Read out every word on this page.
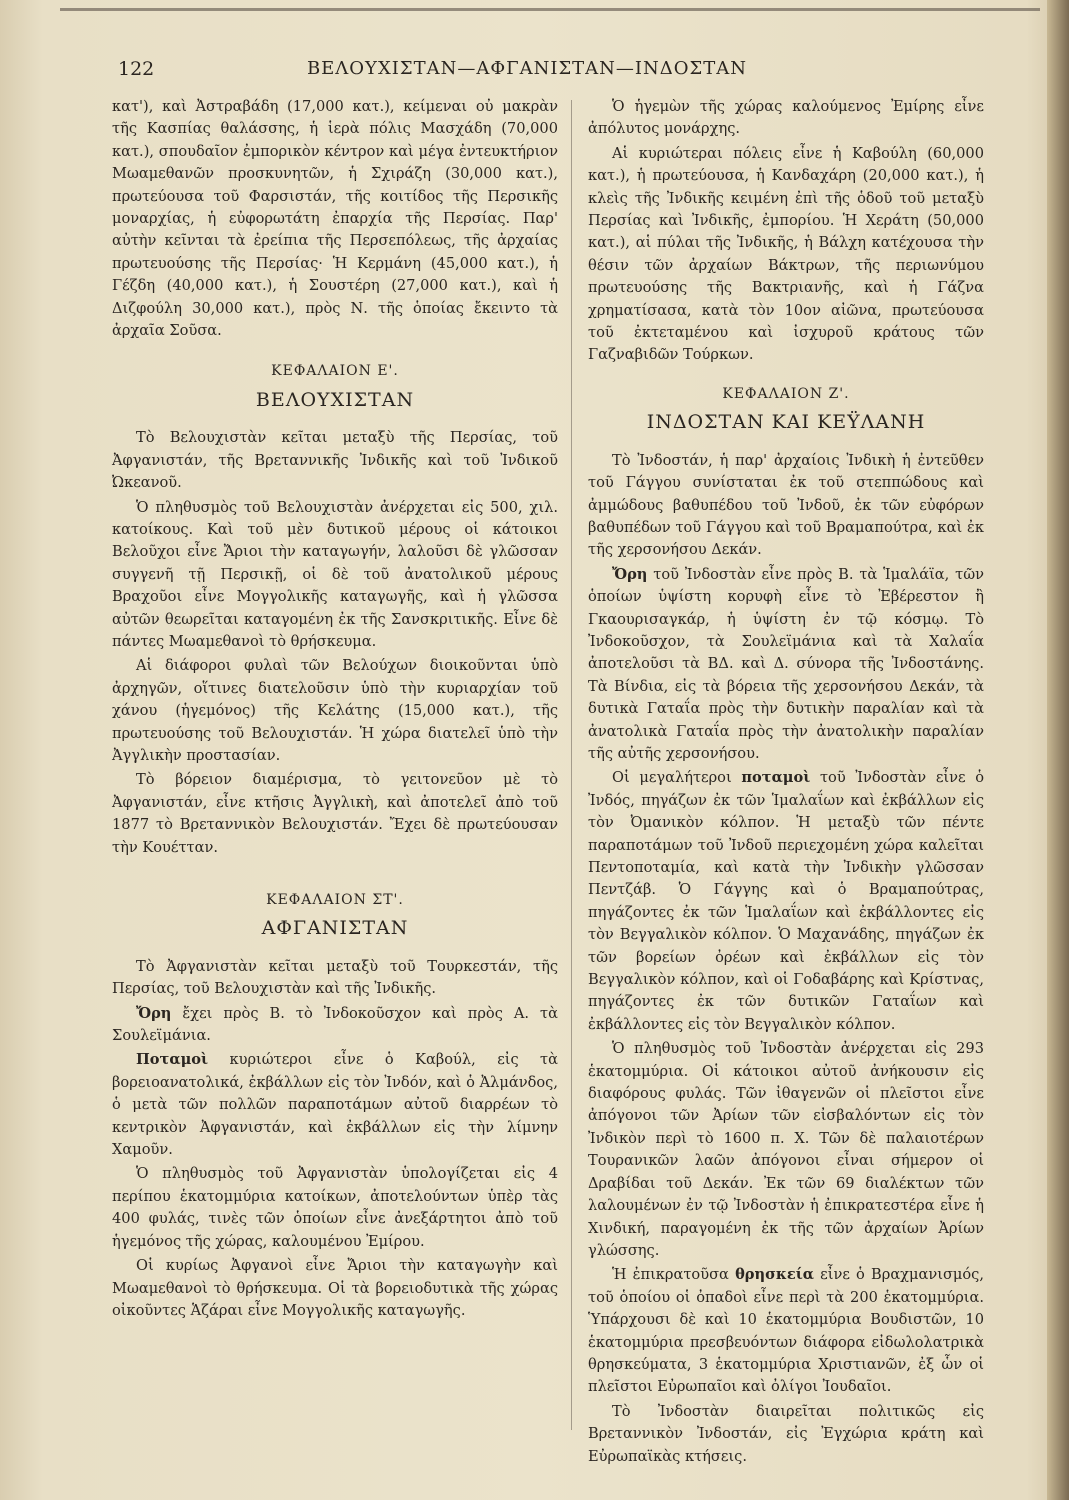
122	ΒΕΛΟΥΧΙΣΤΑΝ—ΑΦΓΑΝΙΣΤΑΝ—ΙΝΔΟΣΤΑΝ

κατ'), καὶ Ἀστραβάδη (17,000 κατ.), κείμεναι οὐ μακρὰν τῆς Κασπίας θαλάσσης, ἡ ἱερὰ πόλις Μασχάδη (70,000 κατ.), σπουδαῖον ἐμπορικὸν κέντρον καὶ μέγα ἐντευκτήριον Μωαμεθανῶν προσκυνητῶν, ἡ Σχιράζη (30,000 κατ.), πρωτεύουσα τοῦ Φαρσιστάν, τῆς κοιτίδος τῆς Περσικῆς μοναρχίας, ἡ εὐφορωτάτη ἐπαρχία τῆς Περσίας. Παρ' αὐτὴν κεῖνται τὰ ἐρείπια τῆς Περσεπόλεως, τῆς ἀρχαίας πρωτευούσης τῆς Περσίας· Ἡ Κερμάνη (45,000 κατ.), ἡ Γέζδη (40,000 κατ.), ἡ Σουστέρη (27,000 κατ.), καὶ ἡ Διζφούλη 30,000 κατ.), πρὸς Ν. τῆς ὁποίας ἔκειντο τὰ ἀρχαῖα Σοῦσα.

ΚΕΦΑΛΑΙΟΝ Ε'.
ΒΕΛΟΥΧΙΣΤΑΝ

Τὸ Βελουχιστὰν κεῖται μεταξὺ τῆς Περσίας, τοῦ Ἀφγανιστάν, τῆς Βρεταννικῆς Ἰνδικῆς καὶ τοῦ Ἰνδικοῦ Ὠκεανοῦ.

Ὁ πληθυσμὸς τοῦ Βελουχιστὰν ἀνέρχεται εἰς 500, χιλ. κατοίκους. Καὶ τοῦ μὲν δυτικοῦ μέρους οἱ κάτοικοι Βελοῦχοι εἶνε Ἄριοι τὴν καταγωγήν, λαλοῦσι δὲ γλῶσσαν συγγενῆ τῇ Περσικῇ, οἱ δὲ τοῦ ἀνατολικοῦ μέρους Βραχοῦοι εἶνε Μογγολικῆς καταγωγῆς, καὶ ἡ γλῶσσα αὐτῶν θεωρεῖται καταγομένη ἐκ τῆς Σανσκριτικῆς. Εἶνε δὲ πάντες Μωαμεθανοὶ τὸ θρήσκευμα.

Αἱ διάφοροι φυλαὶ τῶν Βελούχων διοικοῦνται ὑπὸ ἀρχηγῶν, οἵτινες διατελοῦσιν ὑπὸ τὴν κυριαρχίαν τοῦ χάνου (ἡγεμόνος) τῆς Κελάτης (15,000 κατ.), τῆς πρωτευούσης τοῦ Βελουχιστάν. Ἡ χώρα διατελεῖ ὑπὸ τὴν Ἀγγλικὴν προστασίαν.

Τὸ βόρειον διαμέρισμα, τὸ γειτονεῦον μὲ τὸ Ἀφγανιστάν, εἶνε κτῆσις Ἀγγλικὴ, καὶ ἀποτελεῖ ἀπὸ τοῦ 1877 τὸ Βρεταννικὸν Βελουχιστάν. Ἔχει δὲ πρωτεύουσαν τὴν Κουέτταν.

ΚΕΦΑΛΑΙΟΝ ΣΤ'.
ΑΦΓΑΝΙΣΤΑΝ

Τὸ Ἀφγανιστὰν κεῖται μεταξὺ τοῦ Τουρκεστάν, τῆς Περσίας, τοῦ Βελουχιστὰν καὶ τῆς Ἰνδικῆς.

Ὄρη ἔχει πρὸς Β. τὸ Ἰνδοκοῦσχον καὶ πρὸς Α. τὰ Σουλεϊμάνια.

Ποταμοὶ κυριώτεροι εἶνε ὁ Καβούλ, εἰς τὰ βορειοανατολικά, ἐκβάλλων εἰς τὸν Ἰνδόν, καὶ ὁ Ἀλμάνδος, ὁ μετὰ τῶν πολλῶν παραποτάμων αὐτοῦ διαρρέων τὸ κεντρικὸν Ἀφγανιστάν, καὶ ἐκβάλλων εἰς τὴν λίμνην Χαμοῦν.

Ὁ πληθυσμὸς τοῦ Ἀφγανιστὰν ὑπολογίζεται εἰς 4 περίπου ἑκατομμύρια κατοίκων, ἀποτελούντων ὑπὲρ τὰς 400 φυλάς, τινὲς τῶν ὁποίων εἶνε ἀνεξάρτητοι ἀπὸ τοῦ ἡγεμόνος τῆς χώρας, καλουμένου Ἐμίρου.

Οἱ κυρίως Ἀφγανοὶ εἶνε Ἄριοι τὴν καταγωγὴν καὶ Μωαμεθανοὶ τὸ θρήσκευμα. Οἱ τὰ βορειοδυτικὰ τῆς χώρας οἰκοῦντες Ἁζάραι εἶνε Μογγολικῆς καταγωγῆς.

Ὁ ἡγεμὼν τῆς χώρας καλούμενος Ἐμίρης εἶνε ἀπόλυτος μονάρχης.

Αἱ κυριώτεραι πόλεις εἶνε ἡ Καβούλη (60,000 κατ.), ἡ πρωτεύουσα, ἡ Κανδαχάρη (20,000 κατ.), ἡ κλεὶς τῆς Ἰνδικῆς κειμένη ἐπὶ τῆς ὁδοῦ τοῦ μεταξὺ Περσίας καὶ Ἰνδικῆς, ἐμπορίου. Ἡ Χεράτη (50,000 κατ.), αἱ πύλαι τῆς Ἰνδικῆς, ἡ Βάλχη κατέχουσα τὴν θέσιν τῶν ἀρχαίων Βάκτρων, τῆς περιωνύμου πρωτευούσης τῆς Βακτριανῆς, καὶ ἡ Γάζνα χρηματίσασα, κατὰ τὸν 10ον αἰῶνα, πρωτεύουσα τοῦ ἐκτεταμένου καὶ ἰσχυροῦ κράτους τῶν Γαζναβιδῶν Τούρκων.

ΚΕΦΑΛΑΙΟΝ Ζ'.
ΙΝΔΟΣΤΑΝ ΚΑΙ ΚΕΫΛΑΝΗ

Τὸ Ἰνδοστάν, ἡ παρ' ἀρχαίοις Ἰνδικὴ ἡ ἐντεῦθεν τοῦ Γάγγου συνίσταται ἐκ τοῦ στεππώδους καὶ ἀμμώδους βαθυπέδου τοῦ Ἰνδοῦ, ἐκ τῶν εὐφόρων βαθυπέδων τοῦ Γάγγου καὶ τοῦ Βραμαπούτρα, καὶ ἐκ τῆς χερσονήσου Δεκάν.

Ὄρη τοῦ Ἰνδοστὰν εἶνε πρὸς Β. τὰ Ἱμαλάϊα, τῶν ὁποίων ὑψίστη κορυφὴ εἶνε τὸ Ἐβέρεστον ἢ Γκαουρισαγκάρ, ἡ ὑψίστη ἐν τῷ κόσμῳ. Τὸ Ἰνδοκοῦσχον, τὰ Σουλεϊμάνια καὶ τὰ Χαλαΐα ἀποτελοῦσι τὰ ΒΔ. καὶ Δ. σύνορα τῆς Ἰνδοστάνης. Τὰ Βίνδια, εἰς τὰ βόρεια τῆς χερσονήσου Δεκάν, τὰ δυτικὰ Γαταΐα πρὸς τὴν δυτικὴν παραλίαν καὶ τὰ ἀνατολικὰ Γαταΐα πρὸς τὴν ἀνατολικὴν παραλίαν τῆς αὐτῆς χερσονήσου.

Οἱ μεγαλήτεροι ποταμοὶ τοῦ Ἰνδοστὰν εἶνε ὁ Ἰνδός, πηγάζων ἐκ τῶν Ἱμαλαΐων καὶ ἐκβάλλων εἰς τὸν Ὀμανικὸν κόλπον. Ἡ μεταξὺ τῶν πέντε παραποτάμων τοῦ Ἰνδοῦ περιεχομένη χώρα καλεῖται Πεντοποταμία, καὶ κατὰ τὴν Ἰνδικὴν γλῶσσαν Πεντζάβ. Ὁ Γάγγης καὶ ὁ Βραμαπούτρας, πηγάζοντες ἐκ τῶν Ἱμαλαΐων καὶ ἐκβάλλοντες εἰς τὸν Βεγγαλικὸν κόλπον. Ὁ Μαχανάδης, πηγάζων ἐκ τῶν βορείων ὀρέων καὶ ἐκβάλλων εἰς τὸν Βεγγαλικὸν κόλπον, καὶ οἱ Γοδαβάρης καὶ Κρίστνας, πηγάζοντες ἐκ τῶν δυτικῶν Γαταΐων καὶ ἐκβάλλοντες εἰς τὸν Βεγγαλικὸν κόλπον.

Ὁ πληθυσμὸς τοῦ Ἰνδοστὰν ἀνέρχεται εἰς 293 ἑκατομμύρια. Οἱ κάτοικοι αὐτοῦ ἀνήκουσιν εἰς διαφόρους φυλάς. Τῶν ἰθαγενῶν οἱ πλεῖστοι εἶνε ἀπόγονοι τῶν Ἀρίων τῶν εἰσβαλόντων εἰς τὸν Ἰνδικὸν περὶ τὸ 1600 π. Χ. Τῶν δὲ παλαιοτέρων Τουρανικῶν λαῶν ἀπόγονοι εἶναι σήμερον οἱ Δραβίδαι τοῦ Δεκάν. Ἐκ τῶν 69 διαλέκτων τῶν λαλουμένων ἐν τῷ Ἰνδοστὰν ἡ ἐπικρατεστέρα εἶνε ἡ Χινδική, παραγομένη ἐκ τῆς τῶν ἀρχαίων Ἀρίων γλώσσης.

Ἡ ἐπικρατοῦσα θρησκεία εἶνε ὁ Βραχμανισμός, τοῦ ὁποίου οἱ ὀπαδοὶ εἶνε περὶ τὰ 200 ἑκατομμύρια. Ὑπάρχουσι δὲ καὶ 10 ἑκατομμύρια Βουδιστῶν, 10 ἑκατομμύρια πρεσβευόντων διάφορα εἰδωλολατρικὰ θρησκεύματα, 3 ἑκατομμύρια Χριστιανῶν, ἐξ ὧν οἱ πλεῖστοι Εὐρωπαῖοι καὶ ὀλίγοι Ἰουδαῖοι.

Τὸ Ἰνδοστὰν διαιρεῖται πολιτικῶς εἰς Βρεταννικὸν Ἰνδοστάν, εἰς Ἐγχώρια κράτη καὶ Εὐρωπαϊκὰς κτήσεις.
